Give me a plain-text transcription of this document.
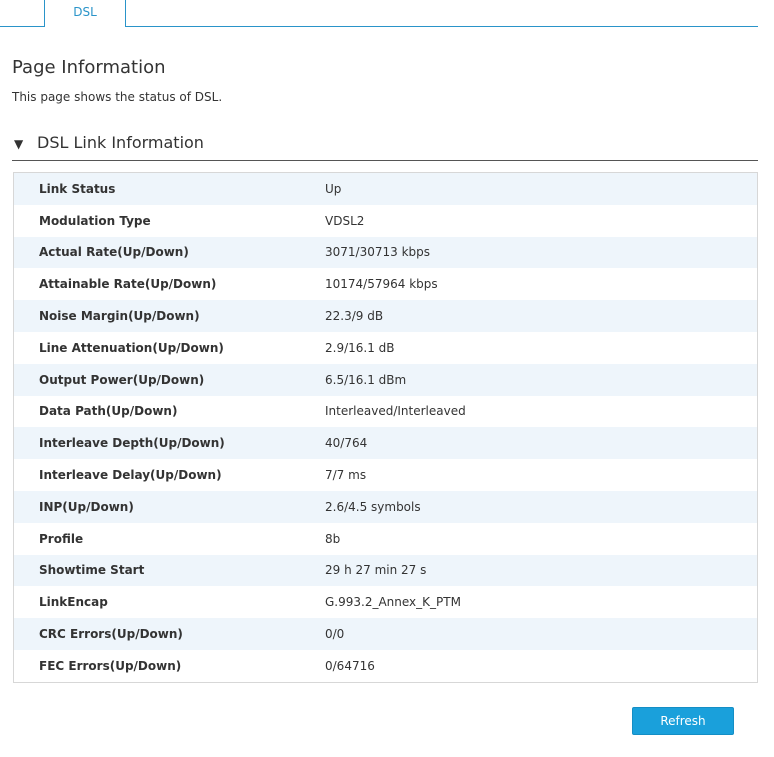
DSL
Page Information
This page shows the status of DSL.
▼ DSL Link Information
Link Status	Up
Modulation Type	VDSL2
Actual Rate(Up/Down)	3071/30713 kbps
Attainable Rate(Up/Down)	10174/57964 kbps
Noise Margin(Up/Down)	22.3/9 dB
Line Attenuation(Up/Down)	2.9/16.1 dB
Output Power(Up/Down)	6.5/16.1 dBm
Data Path(Up/Down)	Interleaved/Interleaved
Interleave Depth(Up/Down)	40/764
Interleave Delay(Up/Down)	7/7 ms
INP(Up/Down)	2.6/4.5 symbols
Profile	8b
Showtime Start	29 h 27 min 27 s
LinkEncap	G.993.2_Annex_K_PTM
CRC Errors(Up/Down)	0/0
FEC Errors(Up/Down)	0/64716
Refresh
